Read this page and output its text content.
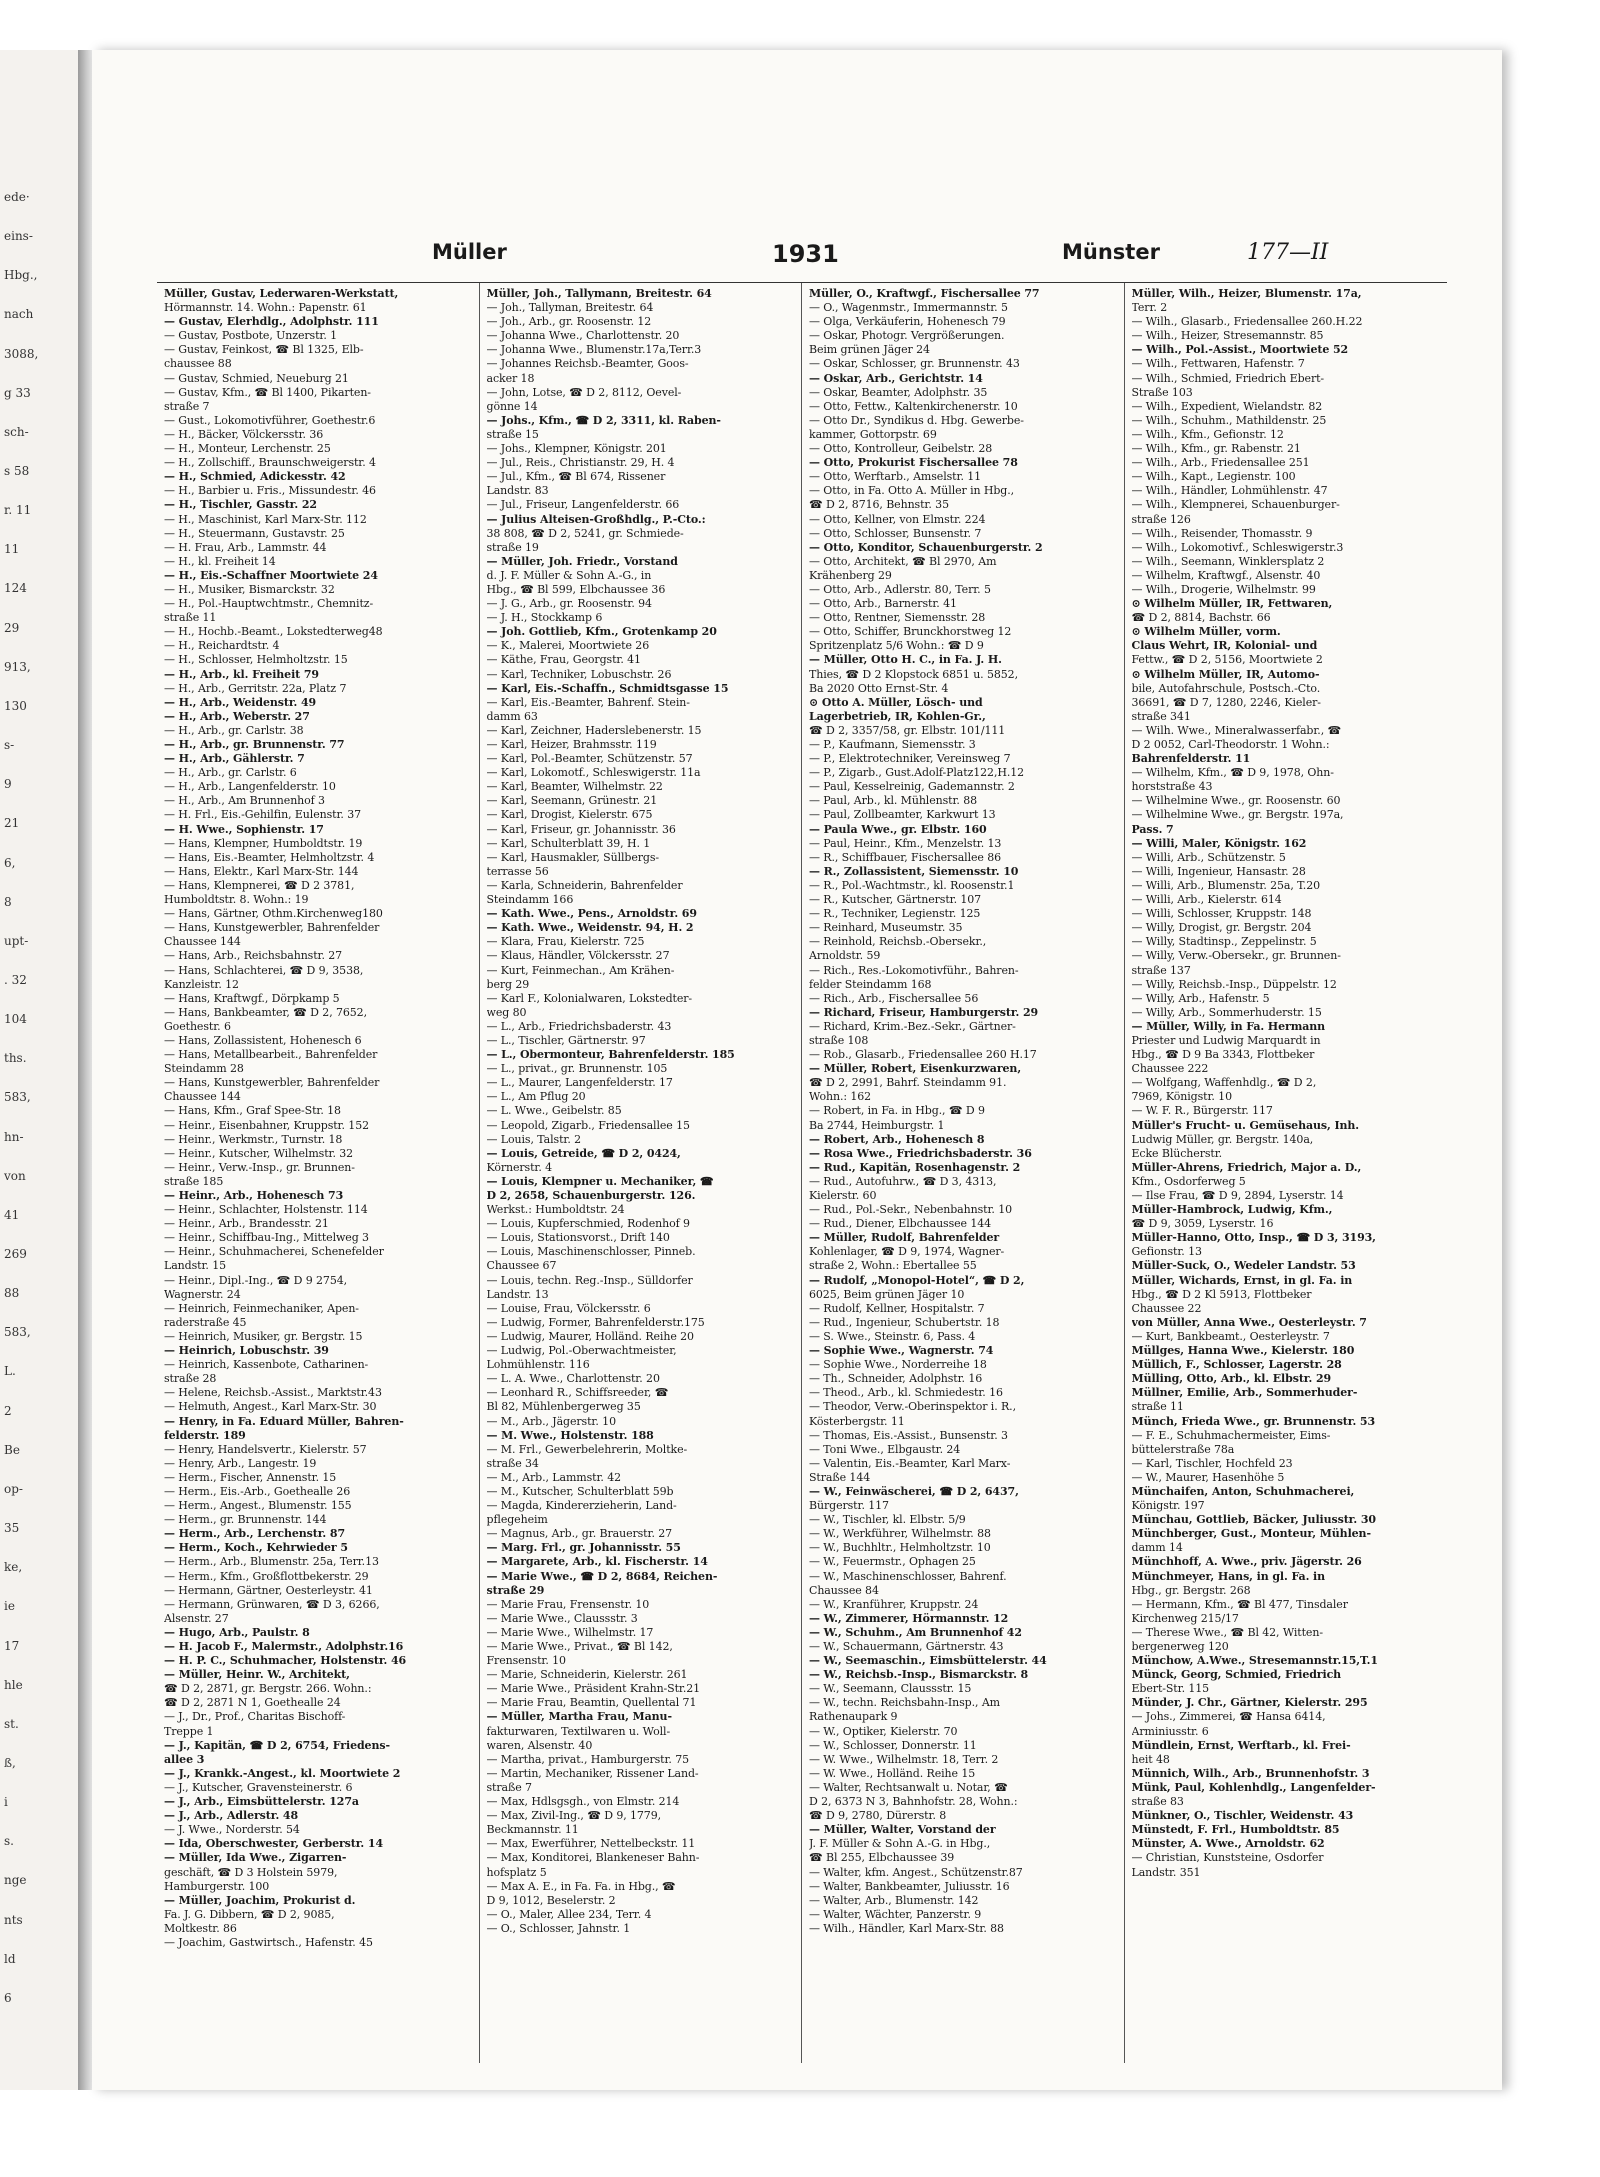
ede·
eins-
Hbg.,
nach
3088,
g 33
sch-
s 58
r. 11
11
124
29
913,
130
s-
9
21
6,
8
upt-
. 32
104
ths.
583,
hn-
von
41
269
88
583,
L.
2
Be
op-
35
ke,
ie
17
hle
st.
ß,
i
s.
nge
nts
ld
6
Müller	1931	Münster	177—II
Müller, Gustav, Lederwaren-Werkstatt,
Hörmannstr. 14. Wohn.: Papenstr. 61
— Gustav, Elerhdlg., Adolphstr. 111
— Gustav, Postbote, Unzerstr. 1
— Gustav, Feinkost, ☎ Bl 1325, Elb-
chaussee 88
— Gustav, Schmied, Neueburg 21
— Gustav, Kfm., ☎ Bl 1400, Pikarten-
straße 7
— Gust., Lokomotivführer, Goethestr.6
— H., Bäcker, Völckersstr. 36
— H., Monteur, Lerchenstr. 25
— H., Zollschiff., Braunschweigerstr. 4
— H., Schmied, Adickesstr. 42
— H., Barbier u. Fris., Missundestr. 46
— H., Tischler, Gasstr. 22
— H., Maschinist, Karl Marx-Str. 112
— H., Steuermann, Gustavstr. 25
— H. Frau, Arb., Lammstr. 44
— H., kl. Freiheit 14
— H., Eis.-Schaffner Moortwiete 24
— H., Musiker, Bismarckstr. 32
— H., Pol.-Hauptwchtmstr., Chemnitz-
straße 11
— H., Hochb.-Beamt., Lokstedterweg48
— H., Reichardtstr. 4
— H., Schlosser, Helmholtzstr. 15
— H., Arb., kl. Freiheit 79
— H., Arb., Gerritstr. 22a, Platz 7
— H., Arb., Weidenstr. 49
— H., Arb., Weberstr. 27
— H., Arb., gr. Carlstr. 38
— H., Arb., gr. Brunnenstr. 77
— H., Arb., Gählerstr. 7
— H., Arb., gr. Carlstr. 6
— H., Arb., Langenfelderstr. 10
— H., Arb., Am Brunnenhof 3
— H. Frl., Eis.-Gehilfin, Eulenstr. 37
— H. Wwe., Sophienstr. 17
— Hans, Klempner, Humboldtstr. 19
— Hans, Eis.-Beamter, Helmholtzstr. 4
— Hans, Elektr., Karl Marx-Str. 144
— Hans, Klempnerei, ☎ D 2 3781,
Humboldtstr. 8. Wohn.: 19
— Hans, Gärtner, Othm.Kirchenweg180
— Hans, Kunstgewerbler, Bahrenfelder
Chaussee 144
— Hans, Arb., Reichsbahnstr. 27
— Hans, Schlachterei, ☎ D 9, 3538,
Kanzleistr. 12
— Hans, Kraftwgf., Dörpkamp 5
— Hans, Bankbeamter, ☎ D 2, 7652,
Goethestr. 6
— Hans, Zollassistent, Hohenesch 6
— Hans, Metallbearbeit., Bahrenfelder
Steindamm 28
— Hans, Kunstgewerbler, Bahrenfelder
Chaussee 144
— Hans, Kfm., Graf Spee-Str. 18
— Heinr., Eisenbahner, Kruppstr. 152
— Heinr., Werkmstr., Turnstr. 18
— Heinr., Kutscher, Wilhelmstr. 32
— Heinr., Verw.-Insp., gr. Brunnen-
straße 185
— Heinr., Arb., Hohenesch 73
— Heinr., Schlachter, Holstenstr. 114
— Heinr., Arb., Brandesstr. 21
— Heinr., Schiffbau-Ing., Mittelweg 3
— Heinr., Schuhmacherei, Schenefelder
Landstr. 15
— Heinr., Dipl.-Ing., ☎ D 9 2754,
Wagnerstr. 24
— Heinrich, Feinmechaniker, Apen-
raderstraße 45
— Heinrich, Musiker, gr. Bergstr. 15
— Heinrich, Lobuschstr. 39
— Heinrich, Kassenbote, Catharinen-
straße 28
— Helene, Reichsb.-Assist., Marktstr.43
— Helmuth, Angest., Karl Marx-Str. 30
— Henry, in Fa. Eduard Müller, Bahren-
felderstr. 189
— Henry, Handelsvertr., Kielerstr. 57
— Henry, Arb., Langestr. 19
— Herm., Fischer, Annenstr. 15
— Herm., Eis.-Arb., Goethealle 26
— Herm., Angest., Blumenstr. 155
— Herm., gr. Brunnenstr. 144
— Herm., Arb., Lerchenstr. 87
— Herm., Koch., Kehrwieder 5
— Herm., Arb., Blumenstr. 25a, Terr.13
— Herm., Kfm., Großflottbekerstr. 29
— Hermann, Gärtner, Oesterleystr. 41
— Hermann, Grünwaren, ☎ D 3, 6266,
Alsenstr. 27
— Hugo, Arb., Paulstr. 8
— H. Jacob F., Malermstr., Adolphstr.16
— H. P. C., Schuhmacher, Holstenstr. 46
— Müller, Heinr. W., Architekt,
☎ D 2, 2871, gr. Bergstr. 266. Wohn.:
☎ D 2, 2871 N 1, Goethealle 24
— J., Dr., Prof., Charitas Bischoff-
Treppe 1
— J., Kapitän, ☎ D 2, 6754, Friedens-
allee 3
— J., Krankk.-Angest., kl. Moortwiete 2
— J., Kutscher, Gravensteinerstr. 6
— J., Arb., Eimsbüttelerstr. 127a
— J., Arb., Adlerstr. 48
— J. Wwe., Norderstr. 54
— Ida, Oberschwester, Gerberstr. 14
— Müller, Ida Wwe., Zigarren-
geschäft, ☎ D 3 Holstein 5979,
Hamburgerstr. 100
— Müller, Joachim, Prokurist d.
Fa. J. G. Dibbern, ☎ D 2, 9085,
Moltkestr. 86
— Joachim, Gastwirtsch., Hafenstr. 45
Müller, Joh., Tallymann, Breitestr. 64
— Joh., Tallyman, Breitestr. 64
— Joh., Arb., gr. Roosenstr. 12
— Johanna Wwe., Charlottenstr. 20
— Johanna Wwe., Blumenstr.17a,Terr.3
— Johannes Reichsb.-Beamter, Goos-
acker 18
— John, Lotse, ☎ D 2, 8112, Oevel-
gönne 14
— Johs., Kfm., ☎ D 2, 3311, kl. Raben-
straße 15
— Johs., Klempner, Königstr. 201
— Jul., Reis., Christianstr. 29, H. 4
— Jul., Kfm., ☎ Bl 674, Rissener
Landstr. 83
— Jul., Friseur, Langenfelderstr. 66
— Julius Alteisen-Großhdlg., P.-Cto.:
38 808, ☎ D 2, 5241, gr. Schmiede-
straße 19
— Müller, Joh. Friedr., Vorstand
d. J. F. Müller & Sohn A.-G., in
Hbg., ☎ Bl 599, Elbchaussee 36
— J. G., Arb., gr. Roosenstr. 94
— J. H., Stockkamp 6
— Joh. Gottlieb, Kfm., Grotenkamp 20
— K., Malerei, Moortwiete 26
— Käthe, Frau, Georgstr. 41
— Karl, Techniker, Lobuschstr. 26
— Karl, Eis.-Schaffn., Schmidtsgasse 15
— Karl, Eis.-Beamter, Bahrenf. Stein-
damm 63
— Karl, Zeichner, Haderslebenerstr. 15
— Karl, Heizer, Brahmsstr. 119
— Karl, Pol.-Beamter, Schützenstr. 57
— Karl, Lokomotf., Schleswigerstr. 11a
— Karl, Beamter, Wilhelmstr. 22
— Karl, Seemann, Grünestr. 21
— Karl, Drogist, Kielerstr. 675
— Karl, Friseur, gr. Johannisstr. 36
— Karl, Schulterblatt 39, H. 1
— Karl, Hausmakler, Süllbergs-
terrasse 56
— Karla, Schneiderin, Bahrenfelder
Steindamm 166
— Kath. Wwe., Pens., Arnoldstr. 69
— Kath. Wwe., Weidenstr. 94, H. 2
— Klara, Frau, Kielerstr. 725
— Klaus, Händler, Völckersstr. 27
— Kurt, Feinmechan., Am Krähen-
berg 29
— Karl F., Kolonialwaren, Lokstedter-
weg 80
— L., Arb., Friedrichsbaderstr. 43
— L., Tischler, Gärtnerstr. 97
— L., Obermonteur, Bahrenfelderstr. 185
— L., privat., gr. Brunnenstr. 105
— L., Maurer, Langenfelderstr. 17
— L., Am Pflug 20
— L. Wwe., Geibelstr. 85
— Leopold, Zigarb., Friedensallee 15
— Louis, Talstr. 2
— Louis, Getreide, ☎ D 2, 0424,
Körnerstr. 4
— Louis, Klempner u. Mechaniker, ☎
D 2, 2658, Schauenburgerstr. 126.
Werkst.: Humboldtstr. 24
— Louis, Kupferschmied, Rodenhof 9
— Louis, Stationsvorst., Drift 140
— Louis, Maschinenschlosser, Pinneb.
Chaussee 67
— Louis, techn. Reg.-Insp., Sülldorfer
Landstr. 13
— Louise, Frau, Völckersstr. 6
— Ludwig, Former, Bahrenfelderstr.175
— Ludwig, Maurer, Holländ. Reihe 20
— Ludwig, Pol.-Oberwachtmeister,
Lohmühlenstr. 116
— L. A. Wwe., Charlottenstr. 20
— Leonhard R., Schiffsreeder, ☎
Bl 82, Mühlenbergerweg 35
— M., Arb., Jägerstr. 10
— M. Wwe., Holstenstr. 188
— M. Frl., Gewerbelehrerin, Moltke-
straße 34
— M., Arb., Lammstr. 42
— M., Kutscher, Schulterblatt 59b
— Magda, Kindererzieherin, Land-
pflegeheim
— Magnus, Arb., gr. Brauerstr. 27
— Marg. Frl., gr. Johannisstr. 55
— Margarete, Arb., kl. Fischerstr. 14
— Marie Wwe., ☎ D 2, 8684, Reichen-
straße 29
— Marie Frau, Frensenstr. 10
— Marie Wwe., Claussstr. 3
— Marie Wwe., Wilhelmstr. 17
— Marie Wwe., Privat., ☎ Bl 142,
Frensenstr. 10
— Marie, Schneiderin, Kielerstr. 261
— Marie Wwe., Präsident Krahn-Str.21
— Marie Frau, Beamtin, Quellental 71
— Müller, Martha Frau, Manu-
fakturwaren, Textilwaren u. Woll-
waren, Alsenstr. 40
— Martha, privat., Hamburgerstr. 75
— Martin, Mechaniker, Rissener Land-
straße 7
— Max, Hdlsgsgh., von Elmstr. 214
— Max, Zivil-Ing., ☎ D 9, 1779,
Beckmannstr. 11
— Max, Ewerführer, Nettelbeckstr. 11
— Max, Konditorei, Blankeneser Bahn-
hofsplatz 5
— Max A. E., in Fa. Fa. in Hbg., ☎
D 9, 1012, Beselerstr. 2
— O., Maler, Allee 234, Terr. 4
— O., Schlosser, Jahnstr. 1
Müller, O., Kraftwgf., Fischersallee 77
— O., Wagenmstr., Immermannstr. 5
— Olga, Verkäuferin, Hohenesch 79
— Oskar, Photogr. Vergrößerungen.
Beim grünen Jäger 24
— Oskar, Schlosser, gr. Brunnenstr. 43
— Oskar, Arb., Gerichtstr. 14
— Oskar, Beamter, Adolphstr. 35
— Otto, Fettw., Kaltenkirchenerstr. 10
— Otto Dr., Syndikus d. Hbg. Gewerbe-
kammer, Gottorpstr. 69
— Otto, Kontrolleur, Geibelstr. 28
— Otto, Prokurist Fischersallee 78
— Otto, Werftarb., Amselstr. 11
— Otto, in Fa. Otto A. Müller in Hbg.,
☎ D 2, 8716, Behnstr. 35
— Otto, Kellner, von Elmstr. 224
— Otto, Schlosser, Bunsenstr. 7
— Otto, Konditor, Schauenburgerstr. 2
— Otto, Architekt, ☎ Bl 2970, Am
Krähenberg 29
— Otto, Arb., Adlerstr. 80, Terr. 5
— Otto, Arb., Barnerstr. 41
— Otto, Rentner, Siemensstr. 28
— Otto, Schiffer, Brunckhorstweg 12
Spritzenplatz 5/6 Wohn.: ☎ D 9
— Müller, Otto H. C., in Fa. J. H.
Thies, ☎ D 2 Klopstock 6851 u. 5852,
Ba 2020 Otto Ernst-Str. 4
⊙ Otto A. Müller, Lösch- und
Lagerbetrieb, IR, Kohlen-Gr.,
☎ D 2, 3357/58, gr. Elbstr. 101/111
— P., Kaufmann, Siemensstr. 3
— P., Elektrotechniker, Vereinsweg 7
— P., Zigarb., Gust.Adolf-Platz122,H.12
— Paul, Kesselreinig, Gademannstr. 2
— Paul, Arb., kl. Mühlenstr. 88
— Paul, Zollbeamter, Karkwurt 13
— Paula Wwe., gr. Elbstr. 160
— Paul, Heinr., Kfm., Menzelstr. 13
— R., Schiffbauer, Fischersallee 86
— R., Zollassistent, Siemensstr. 10
— R., Pol.-Wachtmstr., kl. Roosenstr.1
— R., Kutscher, Gärtnerstr. 107
— R., Techniker, Legienstr. 125
— Reinhard, Museumstr. 35
— Reinhold, Reichsb.-Obersekr.,
Arnoldstr. 59
— Rich., Res.-Lokomotivführ., Bahren-
felder Steindamm 168
— Rich., Arb., Fischersallee 56
— Richard, Friseur, Hamburgerstr. 29
— Richard, Krim.-Bez.-Sekr., Gärtner-
straße 108
— Rob., Glasarb., Friedensallee 260 H.17
— Müller, Robert, Eisenkurzwaren,
☎ D 2, 2991, Bahrf. Steindamm 91.
Wohn.: 162
— Robert, in Fa. in Hbg., ☎ D 9
Ba 2744, Heimburgstr. 1
— Robert, Arb., Hohenesch 8
— Rosa Wwe., Friedrichsbaderstr. 36
— Rud., Kapitän, Rosenhagenstr. 2
— Rud., Autofuhrw., ☎ D 3, 4313,
Kielerstr. 60
— Rud., Pol.-Sekr., Nebenbahnstr. 10
— Rud., Diener, Elbchaussee 144
— Müller, Rudolf, Bahrenfelder
Kohlenlager, ☎ D 9, 1974, Wagner-
straße 2, Wohn.: Ebertallee 55
— Rudolf, „Monopol-Hotel“, ☎ D 2,
6025, Beim grünen Jäger 10
— Rudolf, Kellner, Hospitalstr. 7
— Rud., Ingenieur, Schubertstr. 18
— S. Wwe., Steinstr. 6, Pass. 4
— Sophie Wwe., Wagnerstr. 74
— Sophie Wwe., Norderreihe 18
— Th., Schneider, Adolphstr. 16
— Theod., Arb., kl. Schmiedestr. 16
— Theodor, Verw.-Oberinspektor i. R.,
Kösterbergstr. 11
— Thomas, Eis.-Assist., Bunsenstr. 3
— Toni Wwe., Elbgaustr. 24
— Valentin, Eis.-Beamter, Karl Marx-
Straße 144
— W., Feinwäscherei, ☎ D 2, 6437,
Bürgerstr. 117
— W., Tischler, kl. Elbstr. 5/9
— W., Werkführer, Wilhelmstr. 88
— W., Buchhltr., Helmholtzstr. 10
— W., Feuermstr., Ophagen 25
— W., Maschinenschlosser, Bahrenf.
Chaussee 84
— W., Kranführer, Kruppstr. 24
— W., Zimmerer, Hörmannstr. 12
— W., Schuhm., Am Brunnenhof 42
— W., Schauermann, Gärtnerstr. 43
— W., Seemaschin., Eimsbüttelerstr. 44
— W., Reichsb.-Insp., Bismarckstr. 8
— W., Seemann, Claussstr. 15
— W., techn. Reichsbahn-Insp., Am
Rathenaupark 9
— W., Optiker, Kielerstr. 70
— W., Schlosser, Donnerstr. 11
— W. Wwe., Wilhelmstr. 18, Terr. 2
— W. Wwe., Holländ. Reihe 15
— Walter, Rechtsanwalt u. Notar, ☎
D 2, 6373 N 3, Bahnhofstr. 28, Wohn.:
☎ D 9, 2780, Dürerstr. 8
— Müller, Walter, Vorstand der
J. F. Müller & Sohn A.-G. in Hbg.,
☎ Bl 255, Elbchaussee 39
— Walter, kfm. Angest., Schützenstr.87
— Walter, Bankbeamter, Juliusstr. 16
— Walter, Arb., Blumenstr. 142
— Walter, Wächter, Panzerstr. 9
— Wilh., Händler, Karl Marx-Str. 88
Müller, Wilh., Heizer, Blumenstr. 17a,
Terr. 2
— Wilh., Glasarb., Friedensallee 260.H.22
— Wilh., Heizer, Stresemannstr. 85
— Wilh., Pol.-Assist., Moortwiete 52
— Wilh., Fettwaren, Hafenstr. 7
— Wilh., Schmied, Friedrich Ebert-
Straße 103
— Wilh., Expedient, Wielandstr. 82
— Wilh., Schuhm., Mathildenstr. 25
— Wilh., Kfm., Gefionstr. 12
— Wilh., Kfm., gr. Rabenstr. 21
— Wilh., Arb., Friedensallee 251
— Wilh., Kapt., Legienstr. 100
— Wilh., Händler, Lohmühlenstr. 47
— Wilh., Klempnerei, Schauenburger-
straße 126
— Wilh., Reisender, Thomasstr. 9
— Wilh., Lokomotivf., Schleswigerstr.3
— Wilh., Seemann, Winklersplatz 2
— Wilhelm, Kraftwgf., Alsenstr. 40
— Wilh., Drogerie, Wilhelmstr. 99
⊙ Wilhelm Müller, IR, Fettwaren,
☎ D 2, 8814, Bachstr. 66
⊙ Wilhelm Müller, vorm.
Claus Wehrt, IR, Kolonial- und
Fettw., ☎ D 2, 5156, Moortwiete 2
⊙ Wilhelm Müller, IR, Automo-
bile, Autofahrschule, Postsch.-Cto.
36691, ☎ D 7, 1280, 2246, Kieler-
straße 341
— Wilh. Wwe., Mineralwasserfabr., ☎
D 2 0052, Carl-Theodorstr. 1 Wohn.:
Bahrenfelderstr. 11
— Wilhelm, Kfm., ☎ D 9, 1978, Ohn-
horststraße 43
— Wilhelmine Wwe., gr. Roosenstr. 60
— Wilhelmine Wwe., gr. Bergstr. 197a,
Pass. 7
— Willi, Maler, Königstr. 162
— Willi, Arb., Schützenstr. 5
— Willi, Ingenieur, Hansastr. 28
— Willi, Arb., Blumenstr. 25a, T.20
— Willi, Arb., Kielerstr. 614
— Willi, Schlosser, Kruppstr. 148
— Willy, Drogist, gr. Bergstr. 204
— Willy, Stadtinsp., Zeppelinstr. 5
— Willy, Verw.-Obersekr., gr. Brunnen-
straße 137
— Willy, Reichsb.-Insp., Düppelstr. 12
— Willy, Arb., Hafenstr. 5
— Willy, Arb., Sommerhuderstr. 15
— Müller, Willy, in Fa. Hermann
Priester und Ludwig Marquardt in
Hbg., ☎ D 9 Ba 3343, Flottbeker
Chaussee 222
— Wolfgang, Waffenhdlg., ☎ D 2,
7969, Königstr. 10
— W. F. R., Bürgerstr. 117
Müller's Frucht- u. Gemüsehaus, Inh.
Ludwig Müller, gr. Bergstr. 140a,
Ecke Blücherstr.
Müller-Ahrens, Friedrich, Major a. D.,
Kfm., Osdorferweg 5
— Ilse Frau, ☎ D 9, 2894, Lyserstr. 14
Müller-Hambrock, Ludwig, Kfm.,
☎ D 9, 3059, Lyserstr. 16
Müller-Hanno, Otto, Insp., ☎ D 3, 3193,
Gefionstr. 13
Müller-Suck, O., Wedeler Landstr. 53
Müller, Wichards, Ernst, in gl. Fa. in
Hbg., ☎ D 2 Kl 5913, Flottbeker
Chaussee 22
von Müller, Anna Wwe., Oesterleystr. 7
— Kurt, Bankbeamt., Oesterleystr. 7
Müllges, Hanna Wwe., Kielerstr. 180
Müllich, F., Schlosser, Lagerstr. 28
Mülling, Otto, Arb., kl. Elbstr. 29
Müllner, Emilie, Arb., Sommerhuder-
straße 11
Münch, Frieda Wwe., gr. Brunnenstr. 53
— F. E., Schuhmachermeister, Eims-
büttelerstraße 78a
— Karl, Tischler, Hochfeld 23
— W., Maurer, Hasenhöhe 5
Münchaifen, Anton, Schuhmacherei,
Königstr. 197
Münchau, Gottlieb, Bäcker, Juliusstr. 30
Münchberger, Gust., Monteur, Mühlen-
damm 14
Münchhoff, A. Wwe., priv. Jägerstr. 26
Münchmeyer, Hans, in gl. Fa. in
Hbg., gr. Bergstr. 268
— Hermann, Kfm., ☎ Bl 477, Tinsdaler
Kirchenweg 215/17
— Therese Wwe., ☎ Bl 42, Witten-
bergenerweg 120
Münchow, A.Wwe., Stresemannstr.15,T.1
Münck, Georg, Schmied, Friedrich
Ebert-Str. 115
Münder, J. Chr., Gärtner, Kielerstr. 295
— Johs., Zimmerei, ☎ Hansa 6414,
Arminiusstr. 6
Mündlein, Ernst, Werftarb., kl. Frei-
heit 48
Münnich, Wilh., Arb., Brunnenhofstr. 3
Münk, Paul, Kohlenhdlg., Langenfelder-
straße 83
Münkner, O., Tischler, Weidenstr. 43
Münstedt, F. Frl., Humboldtstr. 85
Münster, A. Wwe., Arnoldstr. 62
— Christian, Kunststeine, Osdorfer
Landstr. 351
